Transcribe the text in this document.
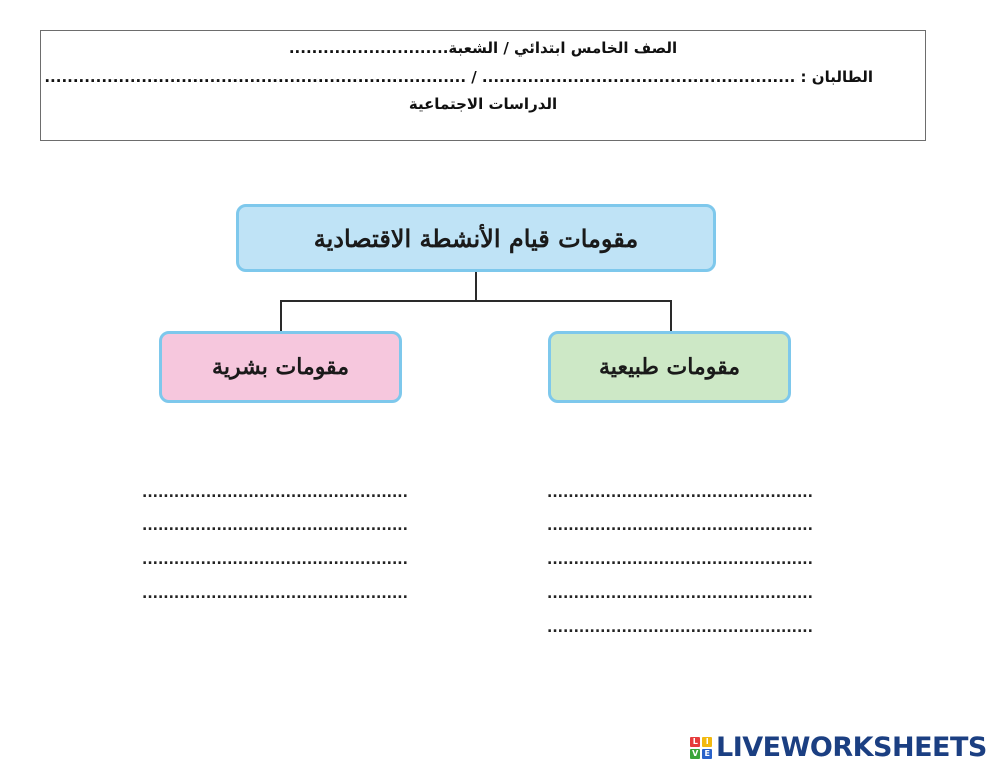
الصف الخامس ابتدائي / الشعبة............................
الطالبان : ....................................................... / ..........................................................................
الدراسات الاجتماعية
مقومات قيام الأنشطة الاقتصادية
مقومات طبيعية
مقومات بشرية
..................................................
..................................................
..................................................
..................................................
..................................................
..................................................
..................................................
..................................................
..................................................
L	I
V E LIVEWORKSHEETS
